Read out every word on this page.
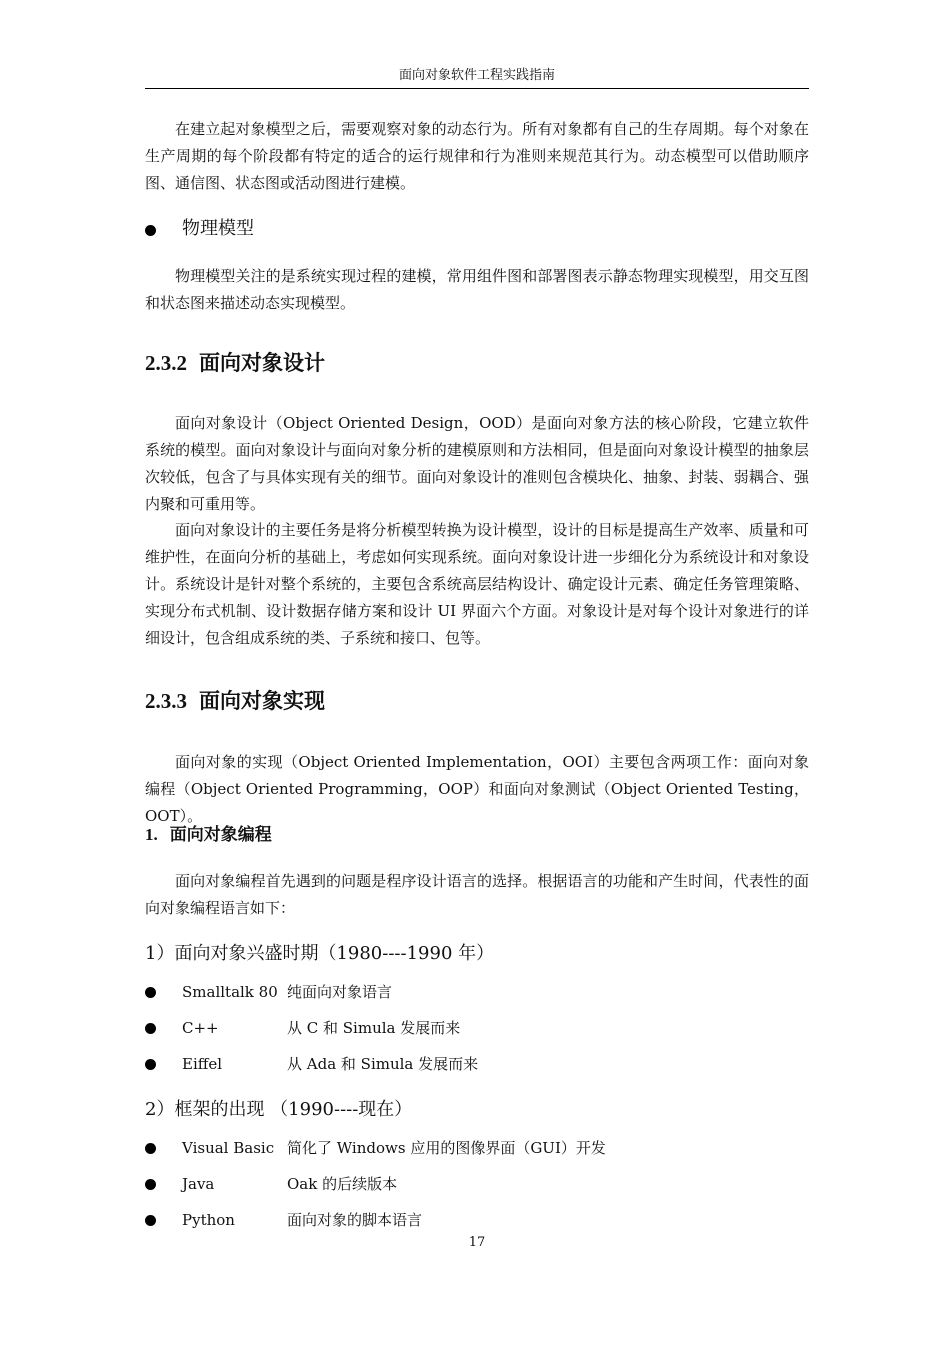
面向对象软件工程实践指南

在建立起对象模型之后，需要观察对象的动态行为。所有对象都有自己的生存周期。每个对象在生产周期的每个阶段都有特定的适合的运行规律和行为准则来规范其行为。动态模型可以借助顺序图、通信图、状态图或活动图进行建模。

物理模型

物理模型关注的是系统实现过程的建模，常用组件图和部署图表示静态物理实现模型，用交互图和状态图来描述动态实现模型。

2.3.2 面向对象设计

面向对象设计（Object Oriented Design，OOD）是面向对象方法的核心阶段，它建立软件系统的模型。面向对象设计与面向对象分析的建模原则和方法相同，但是面向对象设计模型的抽象层次较低，包含了与具体实现有关的细节。面向对象设计的准则包含模块化、抽象、封装、弱耦合、强内聚和可重用等。

面向对象设计的主要任务是将分析模型转换为设计模型，设计的目标是提高生产效率、质量和可维护性，在面向分析的基础上，考虑如何实现系统。面向对象设计进一步细化分为系统设计和对象设计。系统设计是针对整个系统的，主要包含系统高层结构设计、确定设计元素、确定任务管理策略、实现分布式机制、设计数据存储方案和设计 UI 界面六个方面。对象设计是对每个设计对象进行的详细设计，包含组成系统的类、子系统和接口、包等。

2.3.3 面向对象实现

面向对象的实现（Object Oriented Implementation，OOI）主要包含两项工作：面向对象编程（Object Oriented Programming，OOP）和面向对象测试（Object Oriented Testing，OOT）。

1. 面向对象编程

面向对象编程首先遇到的问题是程序设计语言的选择。根据语言的功能和产生时间，代表性的面向对象编程语言如下：

1）面向对象兴盛时期（1980----1990 年）
Smalltalk 80 纯面向对象语言
C++	从 C 和 Simula 发展而来
Eiffel	从 Ada 和 Simula 发展而来
2）框架的出现 （1990----现在）
Visual Basic 简化了 Windows 应用的图像界面（GUI）开发
Java	Oak 的后续版本
Python	面向对象的脚本语言
17
